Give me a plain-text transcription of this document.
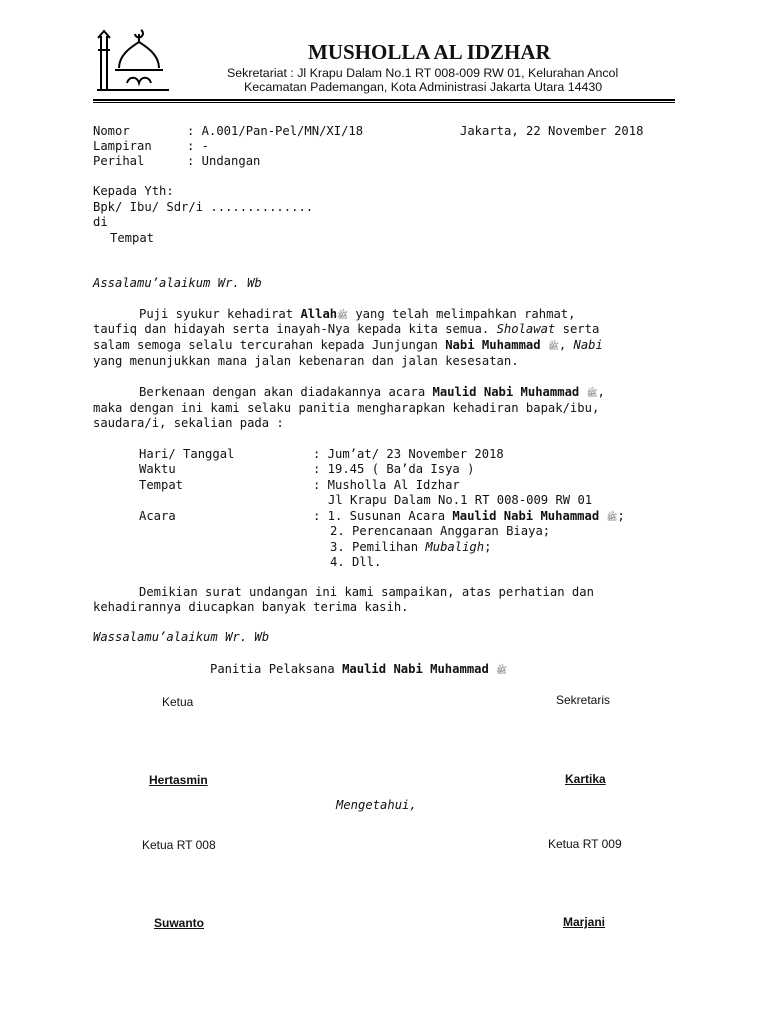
MUSHOLLA AL IDZHAR
Sekretariat : Jl Krapu Dalam No.1 RT 008-009 RW 01, Kelurahan Ancol
Kecamatan Pademangan, Kota Administrasi Jakarta Utara 14430
Nomor	: A.001/Pan-Pel/MN/XI/18	Jakarta, 22 November 2018
Lampiran	: -
Perihal	: Undangan
Kepada Yth:
Bpk/ Ibu/ Sdr/i ..............
di
Tempat
Assalamu’alaikum Wr. Wb
Puji syukur kehadirat Allahﷺ yang telah melimpahkan rahmat,
taufiq dan hidayah serta inayah-Nya kepada kita semua. Sholawat serta
salam semoga selalu tercurahan kepada Junjungan Nabi Muhammad ﷺ, Nabi
yang menunjukkan mana jalan kebenaran dan jalan kesesatan.
Berkenaan dengan akan diadakannya acara Maulid Nabi Muhammad ﷺ,
maka dengan ini kami selaku panitia mengharapkan kehadiran bapak/ibu,
saudara/i, sekalian pada :
Hari/ Tanggal	: Jum’at/ 23 November 2018
Waktu	: 19.45 ( Ba’da Isya )
Tempat	: Musholla Al Idzhar
Jl Krapu Dalam No.1 RT 008-009 RW 01
Acara	: 1. Susunan Acara Maulid Nabi Muhammad ﷺ;
2. Perencanaan Anggaran Biaya;
3. Pemilihan Mubaligh;
4. Dll.
Demikian surat undangan ini kami sampaikan, atas perhatian dan
kehadirannya diucapkan banyak terima kasih.
Wassalamu’alaikum Wr. Wb
Panitia Pelaksana Maulid Nabi Muhammad ﷺ
Ketua	Sekretaris
Hertasmin	Kartika
Mengetahui,
Ketua RT 008	Ketua RT 009
Suwanto	Marjani
